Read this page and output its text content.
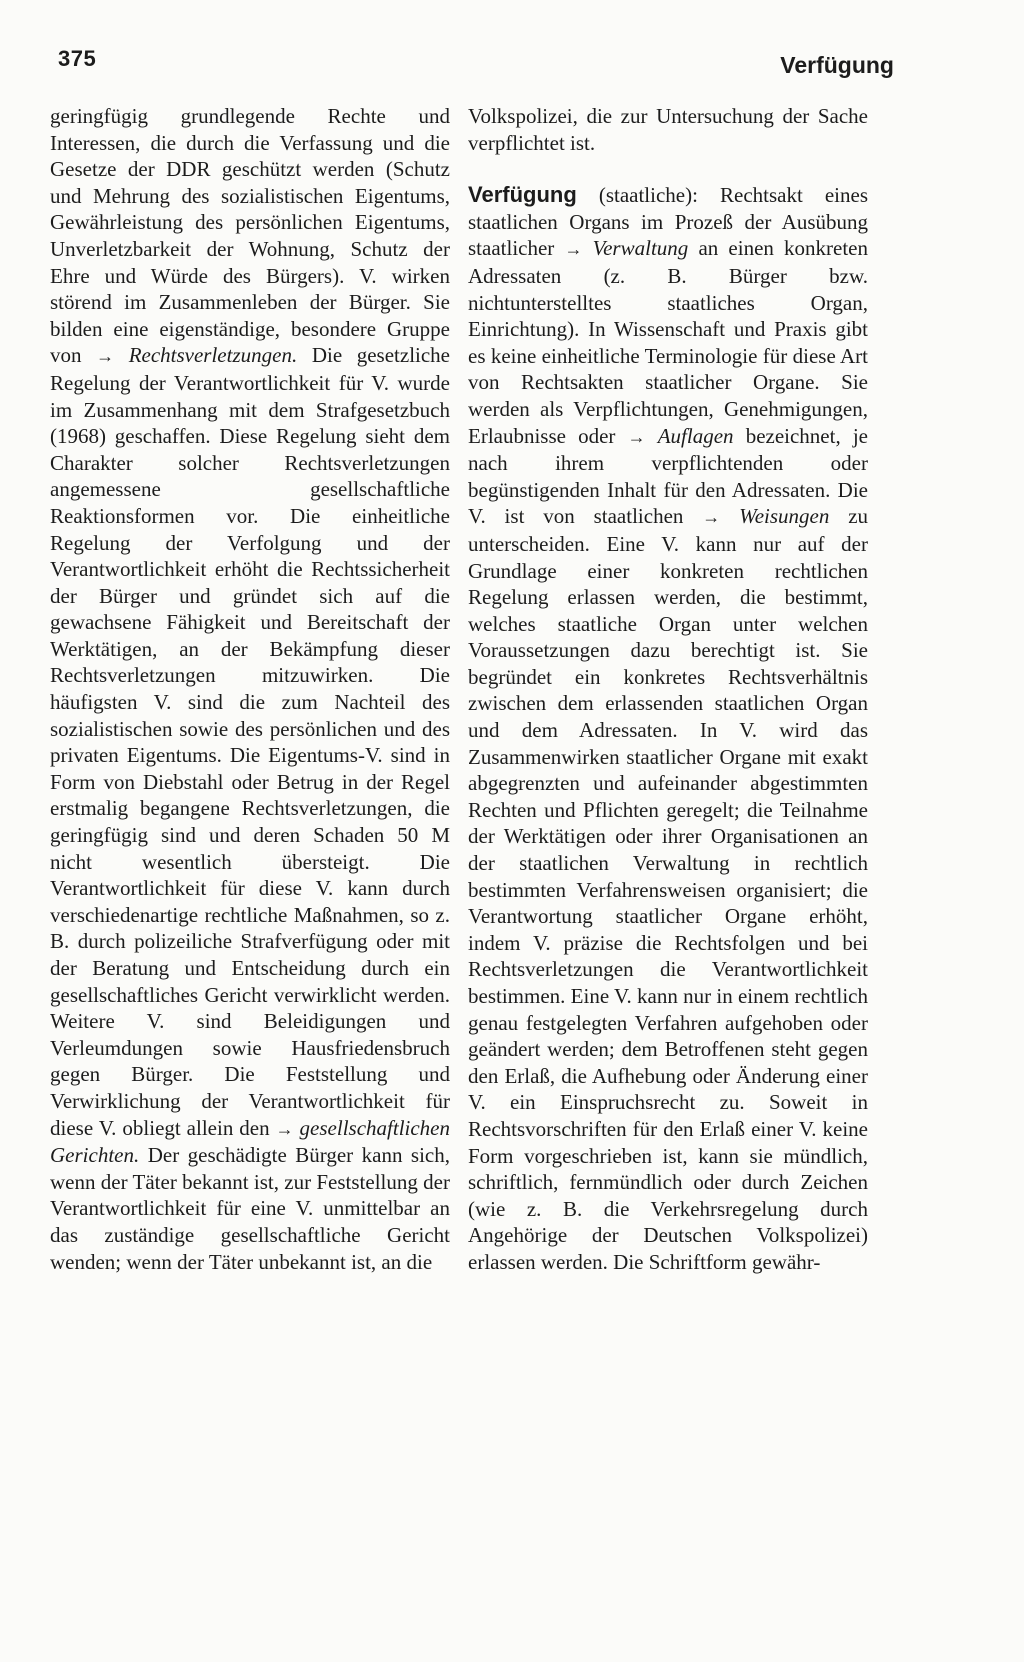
375	Verfügung

geringfügig grundlegende Rechte und Interessen, die durch die Verfassung und die Gesetze der DDR geschützt werden (Schutz und Mehrung des sozialistischen Eigentums, Gewährleistung des persönlichen Eigentums, Unverletzbarkeit der Wohnung, Schutz der Ehre und Würde des Bürgers). V. wirken störend im Zusammenleben der Bürger. Sie bilden eine eigenständige, besondere Gruppe von → Rechtsverletzungen. Die gesetzliche Regelung der Verantwortlichkeit für V. wurde im Zusammenhang mit dem Strafgesetzbuch (1968) geschaffen. Diese Regelung sieht dem Charakter solcher Rechtsverletzungen angemessene gesellschaftliche Reaktionsformen vor. Die einheitliche Regelung der Verfolgung und der Verantwortlichkeit erhöht die Rechtssicherheit der Bürger und gründet sich auf die gewachsene Fähigkeit und Bereitschaft der Werktätigen, an der Bekämpfung dieser Rechtsverletzungen mitzuwirken. Die häufigsten V. sind die zum Nachteil des sozialistischen sowie des persönlichen und des privaten Eigentums. Die Eigentums-V. sind in Form von Diebstahl oder Betrug in der Regel erstmalig begangene Rechtsverletzungen, die geringfügig sind und deren Schaden 50 M nicht wesentlich übersteigt. Die Verantwortlichkeit für diese V. kann durch verschiedenartige rechtliche Maßnahmen, so z. B. durch polizeiliche Strafverfügung oder mit der Beratung und Entscheidung durch ein gesellschaftliches Gericht verwirklicht werden. Weitere V. sind Beleidigungen und Verleumdungen sowie Hausfriedensbruch gegen Bürger. Die Feststellung und Verwirklichung der Verantwortlichkeit für diese V. obliegt allein den → gesellschaftlichen Gerichten. Der geschädigte Bürger kann sich, wenn der Täter bekannt ist, zur Feststellung der Verantwortlichkeit für eine V. unmittelbar an das zuständige gesellschaftliche Gericht wenden; wenn der Täter unbekannt ist, an die

Volkspolizei, die zur Untersuchung der Sache verpflichtet ist.

Verfügung (staatliche): Rechtsakt eines staatlichen Organs im Prozeß der Ausübung staatlicher → Verwaltung an einen konkreten Adressaten (z. B. Bürger bzw. nichtunterstelltes staatliches Organ, Einrichtung). In Wissenschaft und Praxis gibt es keine einheitliche Terminologie für diese Art von Rechtsakten staatlicher Organe. Sie werden als Verpflichtungen, Genehmigungen, Erlaubnisse oder → Auflagen bezeichnet, je nach ihrem verpflichtenden oder begünstigenden Inhalt für den Adressaten. Die V. ist von staatlichen → Weisungen zu unterscheiden. Eine V. kann nur auf der Grundlage einer konkreten rechtlichen Regelung erlassen werden, die bestimmt, welches staatliche Organ unter welchen Voraussetzungen dazu berechtigt ist. Sie begründet ein konkretes Rechtsverhältnis zwischen dem erlassenden staatlichen Organ und dem Adressaten. In V. wird das Zusammenwirken staatlicher Organe mit exakt abgegrenzten und aufeinander abgestimmten Rechten und Pflichten geregelt; die Teilnahme der Werktätigen oder ihrer Organisationen an der staatlichen Verwaltung in rechtlich bestimmten Verfahrensweisen organisiert; die Verantwortung staatlicher Organe erhöht, indem V. präzise die Rechtsfolgen und bei Rechtsverletzungen die Verantwortlichkeit bestimmen. Eine V. kann nur in einem rechtlich genau festgelegten Verfahren aufgehoben oder geändert werden; dem Betroffenen steht gegen den Erlaß, die Aufhebung oder Änderung einer V. ein Einspruchsrecht zu. Soweit in Rechtsvorschriften für den Erlaß einer V. keine Form vorgeschrieben ist, kann sie mündlich, schriftlich, fernmündlich oder durch Zeichen (wie z. B. die Verkehrsregelung durch Angehörige der Deutschen Volkspolizei) erlassen werden. Die Schriftform gewähr-
